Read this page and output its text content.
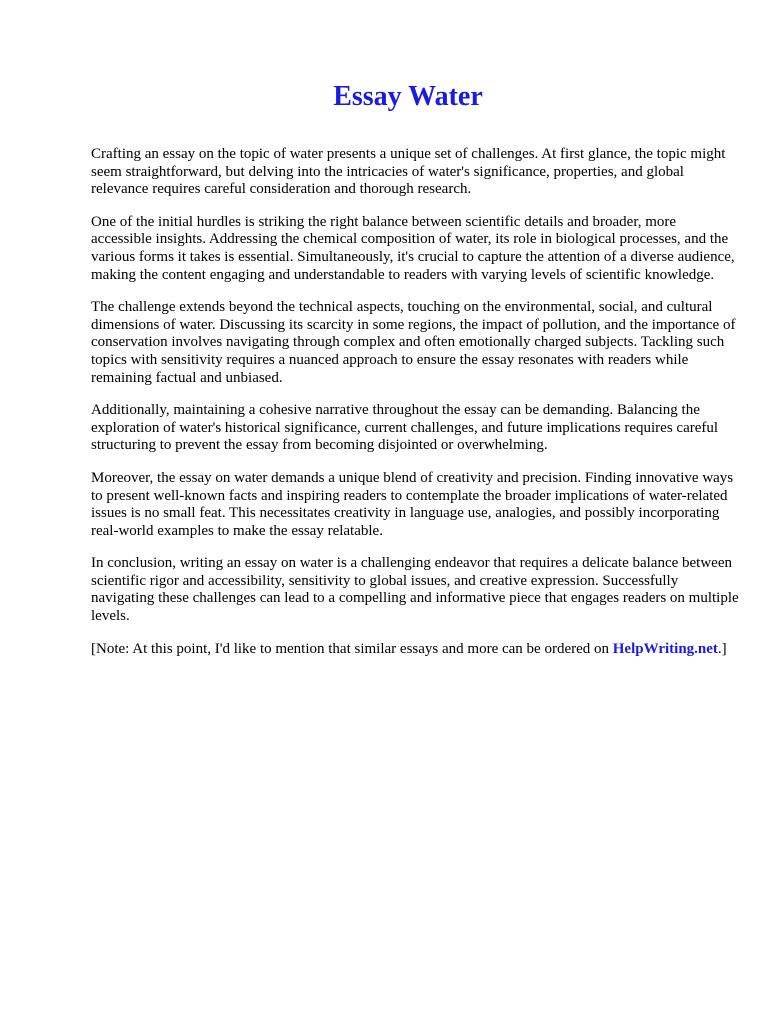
Essay Water

Crafting an essay on the topic of water presents a unique set of challenges. At first glance, the topic might seem straightforward, but delving into the intricacies of water's significance, properties, and global relevance requires careful consideration and thorough research.

One of the initial hurdles is striking the right balance between scientific details and broader, more accessible insights. Addressing the chemical composition of water, its role in biological processes, and the various forms it takes is essential. Simultaneously, it's crucial to capture the attention of a diverse audience, making the content engaging and understandable to readers with varying levels of scientific knowledge.

The challenge extends beyond the technical aspects, touching on the environmental, social, and cultural dimensions of water. Discussing its scarcity in some regions, the impact of pollution, and the importance of conservation involves navigating through complex and often emotionally charged subjects. Tackling such topics with sensitivity requires a nuanced approach to ensure the essay resonates with readers while remaining factual and unbiased.

Additionally, maintaining a cohesive narrative throughout the essay can be demanding. Balancing the exploration of water's historical significance, current challenges, and future implications requires careful structuring to prevent the essay from becoming disjointed or overwhelming.

Moreover, the essay on water demands a unique blend of creativity and precision. Finding innovative ways to present well-known facts and inspiring readers to contemplate the broader implications of water-related issues is no small feat. This necessitates creativity in language use, analogies, and possibly incorporating real-world examples to make the essay relatable.

In conclusion, writing an essay on water is a challenging endeavor that requires a delicate balance between scientific rigor and accessibility, sensitivity to global issues, and creative expression. Successfully navigating these challenges can lead to a compelling and informative piece that engages readers on multiple levels.

[Note: At this point, I'd like to mention that similar essays and more can be ordered on HelpWriting.net.]
